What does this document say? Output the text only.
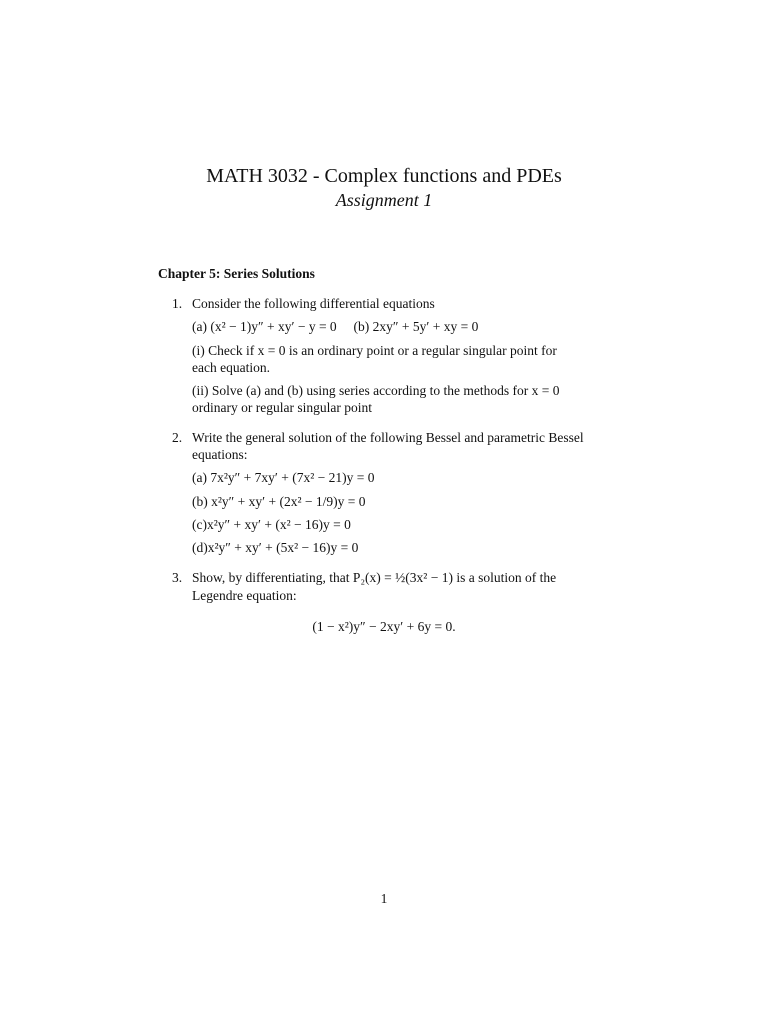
MATH 3032 - Complex functions and PDEs
Assignment 1
Chapter 5: Series Solutions
1. Consider the following differential equations
(a) (x² − 1)y″ + xy′ − y = 0     (b) 2xy″ + 5y′ + xy = 0
(i) Check if x = 0 is an ordinary point or a regular singular point for
each equation.
(ii) Solve (a) and (b) using series according to the methods for x = 0
ordinary or regular singular point
2. Write the general solution of the following Bessel and parametric Bessel
equations:
(a) 7x²y″ + 7xy′ + (7x² − 21)y = 0
(b) x²y″ + xy′ + (2x² − 1/9)y = 0
(c)x²y″ + xy′ + (x² − 16)y = 0
(d)x²y″ + xy′ + (5x² − 16)y = 0
3. Show, by differentiating, that P₂(x) = ½(3x² − 1) is a solution of the
Legendre equation:
(1 − x²)y″ − 2xy′ + 6y = 0.
1
